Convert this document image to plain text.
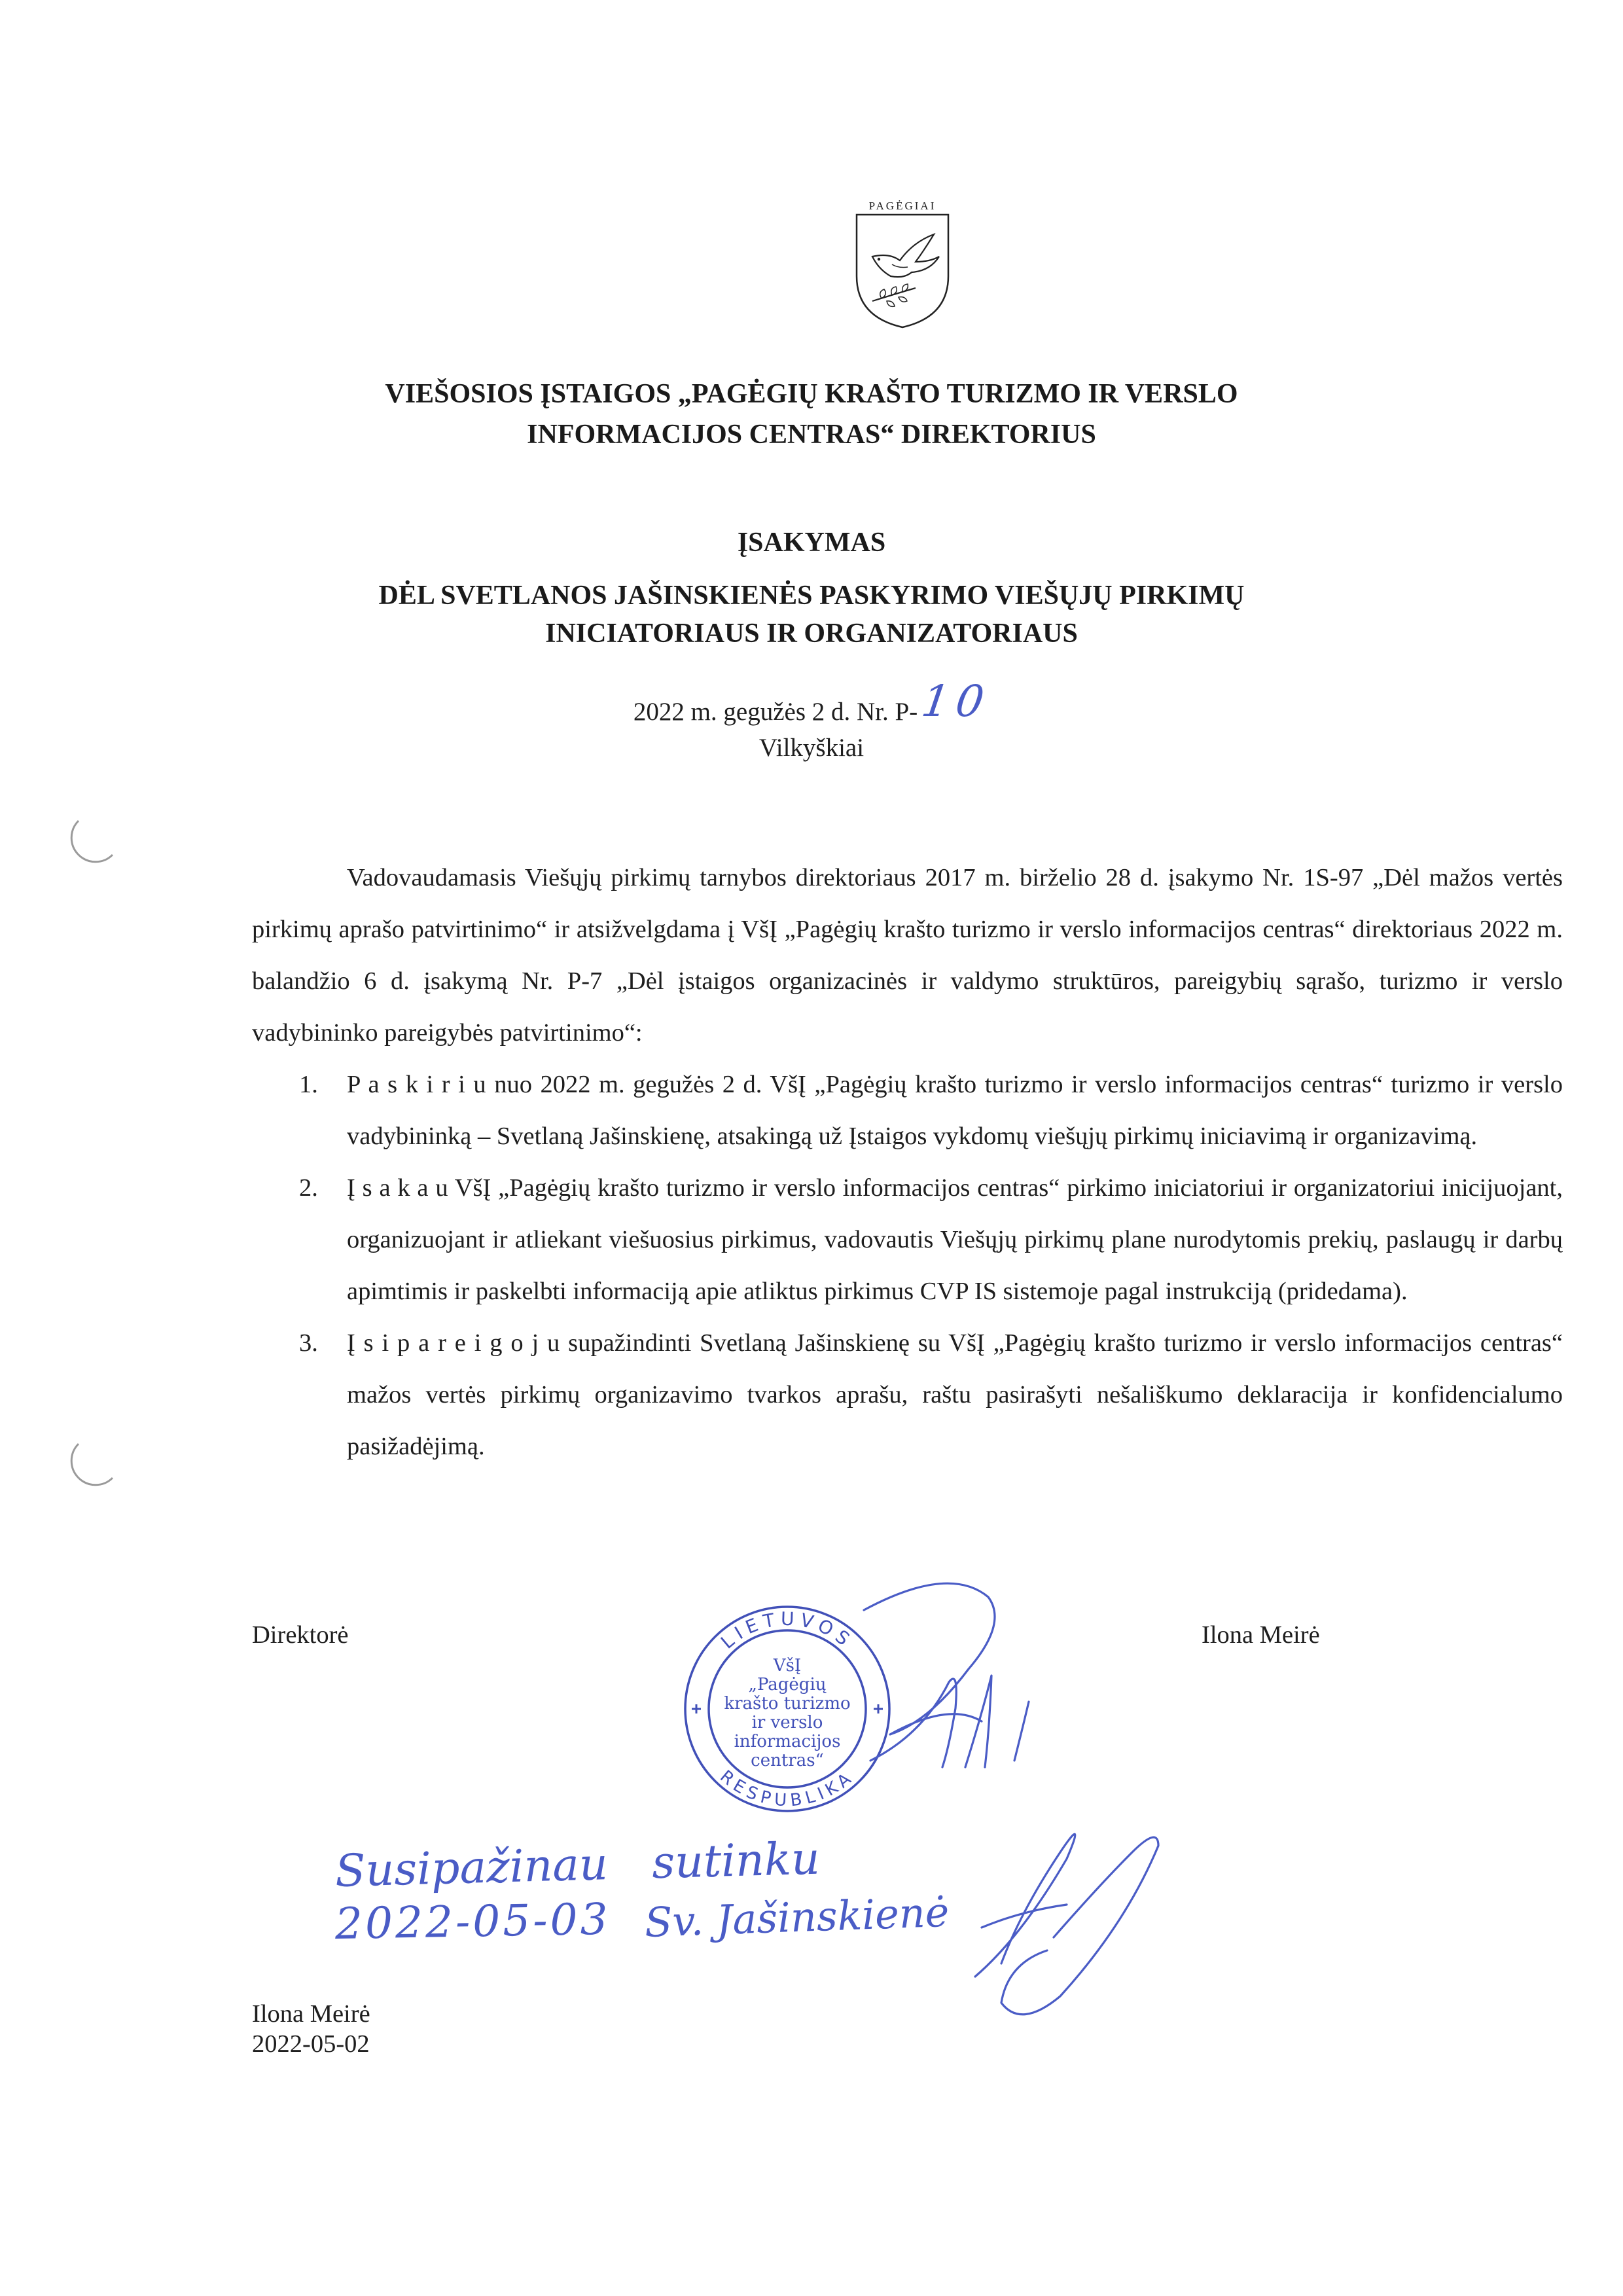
PAGĖGIAI
VIEŠOSIOS ĮSTAIGOS „PAGĖGIŲ KRAŠTO TURIZMO IR VERSLO
INFORMACIJOS CENTRAS“ DIREKTORIUS
ĮSAKYMAS
DĖL SVETLANOS JAŠINSKIENĖS PASKYRIMO VIEŠŲJŲ PIRKIMŲ
INICIATORIAUS IR ORGANIZATORIAUS
2022 m. gegužės 2 d. Nr. P-10
Vilkyškiai
Vadovaudamasis Viešųjų pirkimų tarnybos direktoriaus 2017 m. birželio 28 d. įsakymo Nr. 1S-97 „Dėl mažos vertės pirkimų aprašo patvirtinimo“ ir atsižvelgdama į VšĮ „Pagėgių krašto turizmo ir verslo informacijos centras“ direktoriaus 2022 m. balandžio 6 d. įsakymą Nr. P-7 „Dėl įstaigos organizacinės ir valdymo struktūros, pareigybių sąrašo, turizmo ir verslo vadybininko pareigybės patvirtinimo“:
1. P a s k i r i u nuo 2022 m. gegužės 2 d. VšĮ „Pagėgių krašto turizmo ir verslo informacijos centras“ turizmo ir verslo vadybininką – Svetlaną Jašinskienę, atsakingą už Įstaigos vykdomų viešųjų pirkimų iniciavimą ir organizavimą.
2. Į s a k a u VšĮ „Pagėgių krašto turizmo ir verslo informacijos centras“ pirkimo iniciatoriui ir organizatoriui inicijuojant, organizuojant ir atliekant viešuosius pirkimus, vadovautis Viešųjų pirkimų plane nurodytomis prekių, paslaugų ir darbų apimtimis ir paskelbti informaciją apie atliktus pirkimus CVP IS sistemoje pagal instrukciją (pridedama).
3. Į s i p a r e i g o j u supažindinti Svetlaną Jašinskienę su VšĮ „Pagėgių krašto turizmo ir verslo informacijos centras“ mažos vertės pirkimų organizavimo tvarkos aprašu, raštu pasirašyti nešališkumo deklaracija ir konfidencialumo pasižadėjimą.
Direktorė	Ilona Meirė
LIETUVOS
RESPUBLIKA
VšĮ
„Pagėgių
krašto turizmo
ir verslo
informacijos
centras“
Susipažinau sutinku
2022-05-03 Sv. Jašinskienė
Ilona Meirė
2022-05-02
